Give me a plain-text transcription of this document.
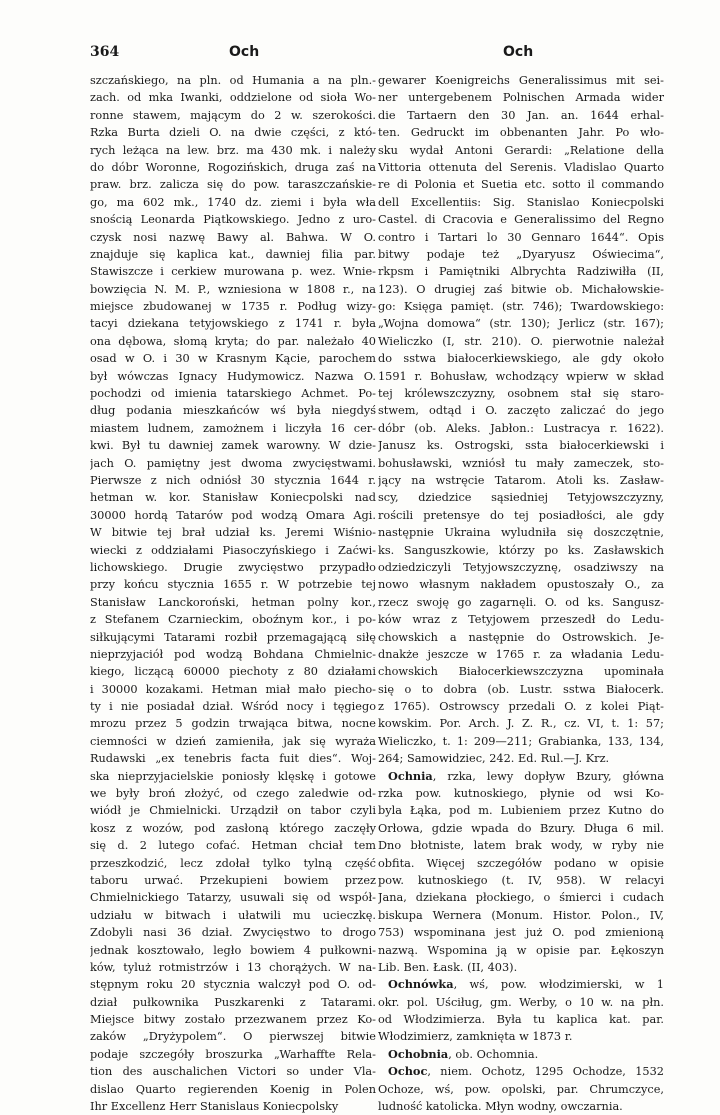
364	Och	Och
szczańskiego, na pln. od Humania a na pln.-
zach. od mka Iwanki, oddzielone od sioła Wo-
ronne stawem, mającym do 2 w. szerokości.
Rzka Burta dzieli O. na dwie części, z któ-
rych leżąca na lew. brz. ma 430 mk. i należy
do dóbr Woronne, Rogozińskich, druga zaś na
praw. brz. zalicza się do pow. taraszczańskie-
go, ma 602 mk., 1740 dz. ziemi i była wła
snością Leonarda Piątkowskiego. Jedno z uro-
czysk nosi nazwę Bawy al. Bahwa. W O.
znajduje się kaplica kat., dawniej filia par.
Stawiszcze i cerkiew murowana p. wez. Wnie-
bowzięcia N. M. P., wzniesiona w 1808 r., na
miejsce zbudowanej w 1735 r. Podług wizy-
tacyi dziekana tetyjowskiego z 1741 r. była
ona dębowa, słomą kryta; do par. należało 40
osad w O. i 30 w Krasnym Kącie, parochem
był wówczas Ignacy Hudymowicz. Nazwa O.
pochodzi od imienia tatarskiego Achmet. Po-
dług podania mieszkańców wś była niegdyś
miastem ludnem, zamożnem i liczyła 16 cer-
kwi. Był tu dawniej zamek warowny. W dzie-
jach O. pamiętny jest dwoma zwycięstwami.
Pierwsze z nich odniósł 30 stycznia 1644 r.
hetman w. kor. Stanisław Koniecpolski nad
30000 hordą Tatarów pod wodzą Omara Agi.
W bitwie tej brał udział ks. Jeremi Wiśnio-
wiecki z oddziałami Piasoczyńskiego i Zaćwi-
lichowskiego. Drugie zwycięstwo przypadło
przy końcu stycznia 1655 r. W potrzebie tej
Stanisław Lanckoroński, hetman polny kor.,
z Stefanem Czarnieckim, oboźnym kor., i po-
siłkującymi Tatarami rozbił przemagającą siłę
nieprzyjaciół pod wodzą Bohdana Chmielnic-
kiego, liczącą 60000 piechoty z 80 działami
i 30000 kozakami. Hetman miał mało piecho-
ty i nie posiadał dział. Wśród nocy i tęgiego
mrozu przez 5 godzin trwająca bitwa, nocne
ciemności w dzień zamieniła, jak się wyraża
Rudawski „ex tenebris facta fuit dies“. Woj-
ska nieprzyjacielskie poniosły klęskę i gotowe
we były broń złożyć, od czego zaledwie od-
wiódł je Chmielnicki. Urządził on tabor czyli
kosz z wozów, pod zasłoną którego zaczęły
się d. 2 lutego cofać. Hetman chciał tem
przeszkodzić, lecz zdołał tylko tylną część
taboru urwać. Przekupieni bowiem przez
Chmielnickiego Tatarzy, usuwali się od współ-
udziału w bitwach i ułatwili mu ucieczkę.
Zdobyli nasi 36 dział. Zwycięstwo to drogo
jednak kosztowało, legło bowiem 4 pułkowni-
ków, tyluż rotmistrzów i 13 chorążych. W na-
stępnym roku 20 stycznia walczył pod O. od-
dział pułkownika Puszkarenki z Tatarami.
Miejsce bitwy zostało przezwanem przez Ko-
zaków „Dryżypolem“. O pierwszej bitwie
podaje szczegóły broszurka „Warhaffte Rela-
tion des auschalichen Victori so under Vla-
dislao Quarto regierenden Koenig in Polen
Ihr Excellenz Herr Stanislaus Koniecpolsky
gewarer Koenigreichs Generalissimus mit sei-
ner untergebenem Polnischen Armada wider
die Tartaern den 30 Jan. an. 1644 erhal-
ten. Gedruckt im obbenanten Jahr. Po wło-
sku wydał Antoni Gerardi: „Relatione della
Vittoria ottenuta del Serenis. Vladislao Quarto
re di Polonia et Suetia etc. sotto il commando
dell Excellentiis: Sig. Stanislao Koniecpolski
Castel. di Cracovia e Generalissimo del Regno
contro i Tartari lo 30 Gennaro 1644“. Opis
bitwy podaje też „Dyaryusz Oświecima“,
rkpsm i Pamiętniki Albrychta Radziwiłła (II,
123). O drugiej zaś bitwie ob. Michałowskie-
go: Księga pamięt. (str. 746); Twardowskiego:
„Wojna domowa“ (str. 130); Jerlicz (str. 167);
Wieliczko (I, str. 210). O. pierwotnie należał
do sstwa białocerkiewskiego, ale gdy około
1591 r. Bohusław, wchodzący wpierw w skład
tej królewszczyzny, osobnem stał się staro-
stwem, odtąd i O. zaczęto zaliczać do jego
dóbr (ob. Aleks. Jabłon.: Lustracya r. 1622).
Janusz ks. Ostrogski, ssta białocerkiewski i
bohusławski, wzniósł tu mały zameczek, sto-
jący na wstręcie Tatarom. Atoli ks. Zasław-
scy, dziedzice sąsiedniej Tetyjowszczyzny,
rościli pretensye do tej posiadłości, ale gdy
następnie Ukraina wyludniła się doszczętnie,
ks. Sanguszkowie, którzy po ks. Zasławskich
odziedziczyli Tetyjowszczyznę, osadziwszy na
nowo własnym nakładem opustoszały O., za
rzecz swoję go zagarnęli. O. od ks. Sangusz-
ków wraz z Tetyjowem przeszedł do Ledu-
chowskich a następnie do Ostrowskich. Je-
dnakże jeszcze w 1765 r. za władania Ledu-
chowskich Białocerkiewszczyzna upominała
się o to dobra (ob. Lustr. sstwa Białocerk.
z 1765). Ostrowscy przedali O. z kolei Piąt-
kowskim. Por. Arch. J. Z. R., cz. VI, t. 1: 57;
Wieliczko, t. 1: 209—211; Grabianka, 133, 134,
264; Samowidziec, 242. Ed. Rul.—J. Krz.
Ochnia, rzka, lewy dopływ Bzury, główna
rzka pow. kutnoskiego, płynie od wsi Ko-
byla Łąka, pod m. Lubieniem przez Kutno do
Orłowa, gdzie wpada do Bzury. Długa 6 mil.
Dno błotniste, latem brak wody, w ryby nie
obfita. Więcej szczegółów podano w opisie
pow. kutnoskiego (t. IV, 958). W relacyi
Jana, dziekana płockiego, o śmierci i cudach
biskupa Wernera (Monum. Histor. Polon., IV,
753) wspominana jest już O. pod zmienioną
nazwą. Wspomina ją w opisie par. Łękoszyn
Lib. Ben. Łask. (II, 403).
Ochnówka, wś, pow. włodzimierski, w 1
okr. pol. Uściług, gm. Werby, o 10 w. na płn.
od Włodzimierza. Była tu kaplica kat. par.
Włodzimierz, zamknięta w 1873 r.
Ochobnia, ob. Ochomnia.
Ochoc, niem. Ochotz, 1295 Ochodze, 1532
Ochoze, wś, pow. opolski, par. Chrumczyce,
ludność katolicka. Młyn wodny, owczarnia.
